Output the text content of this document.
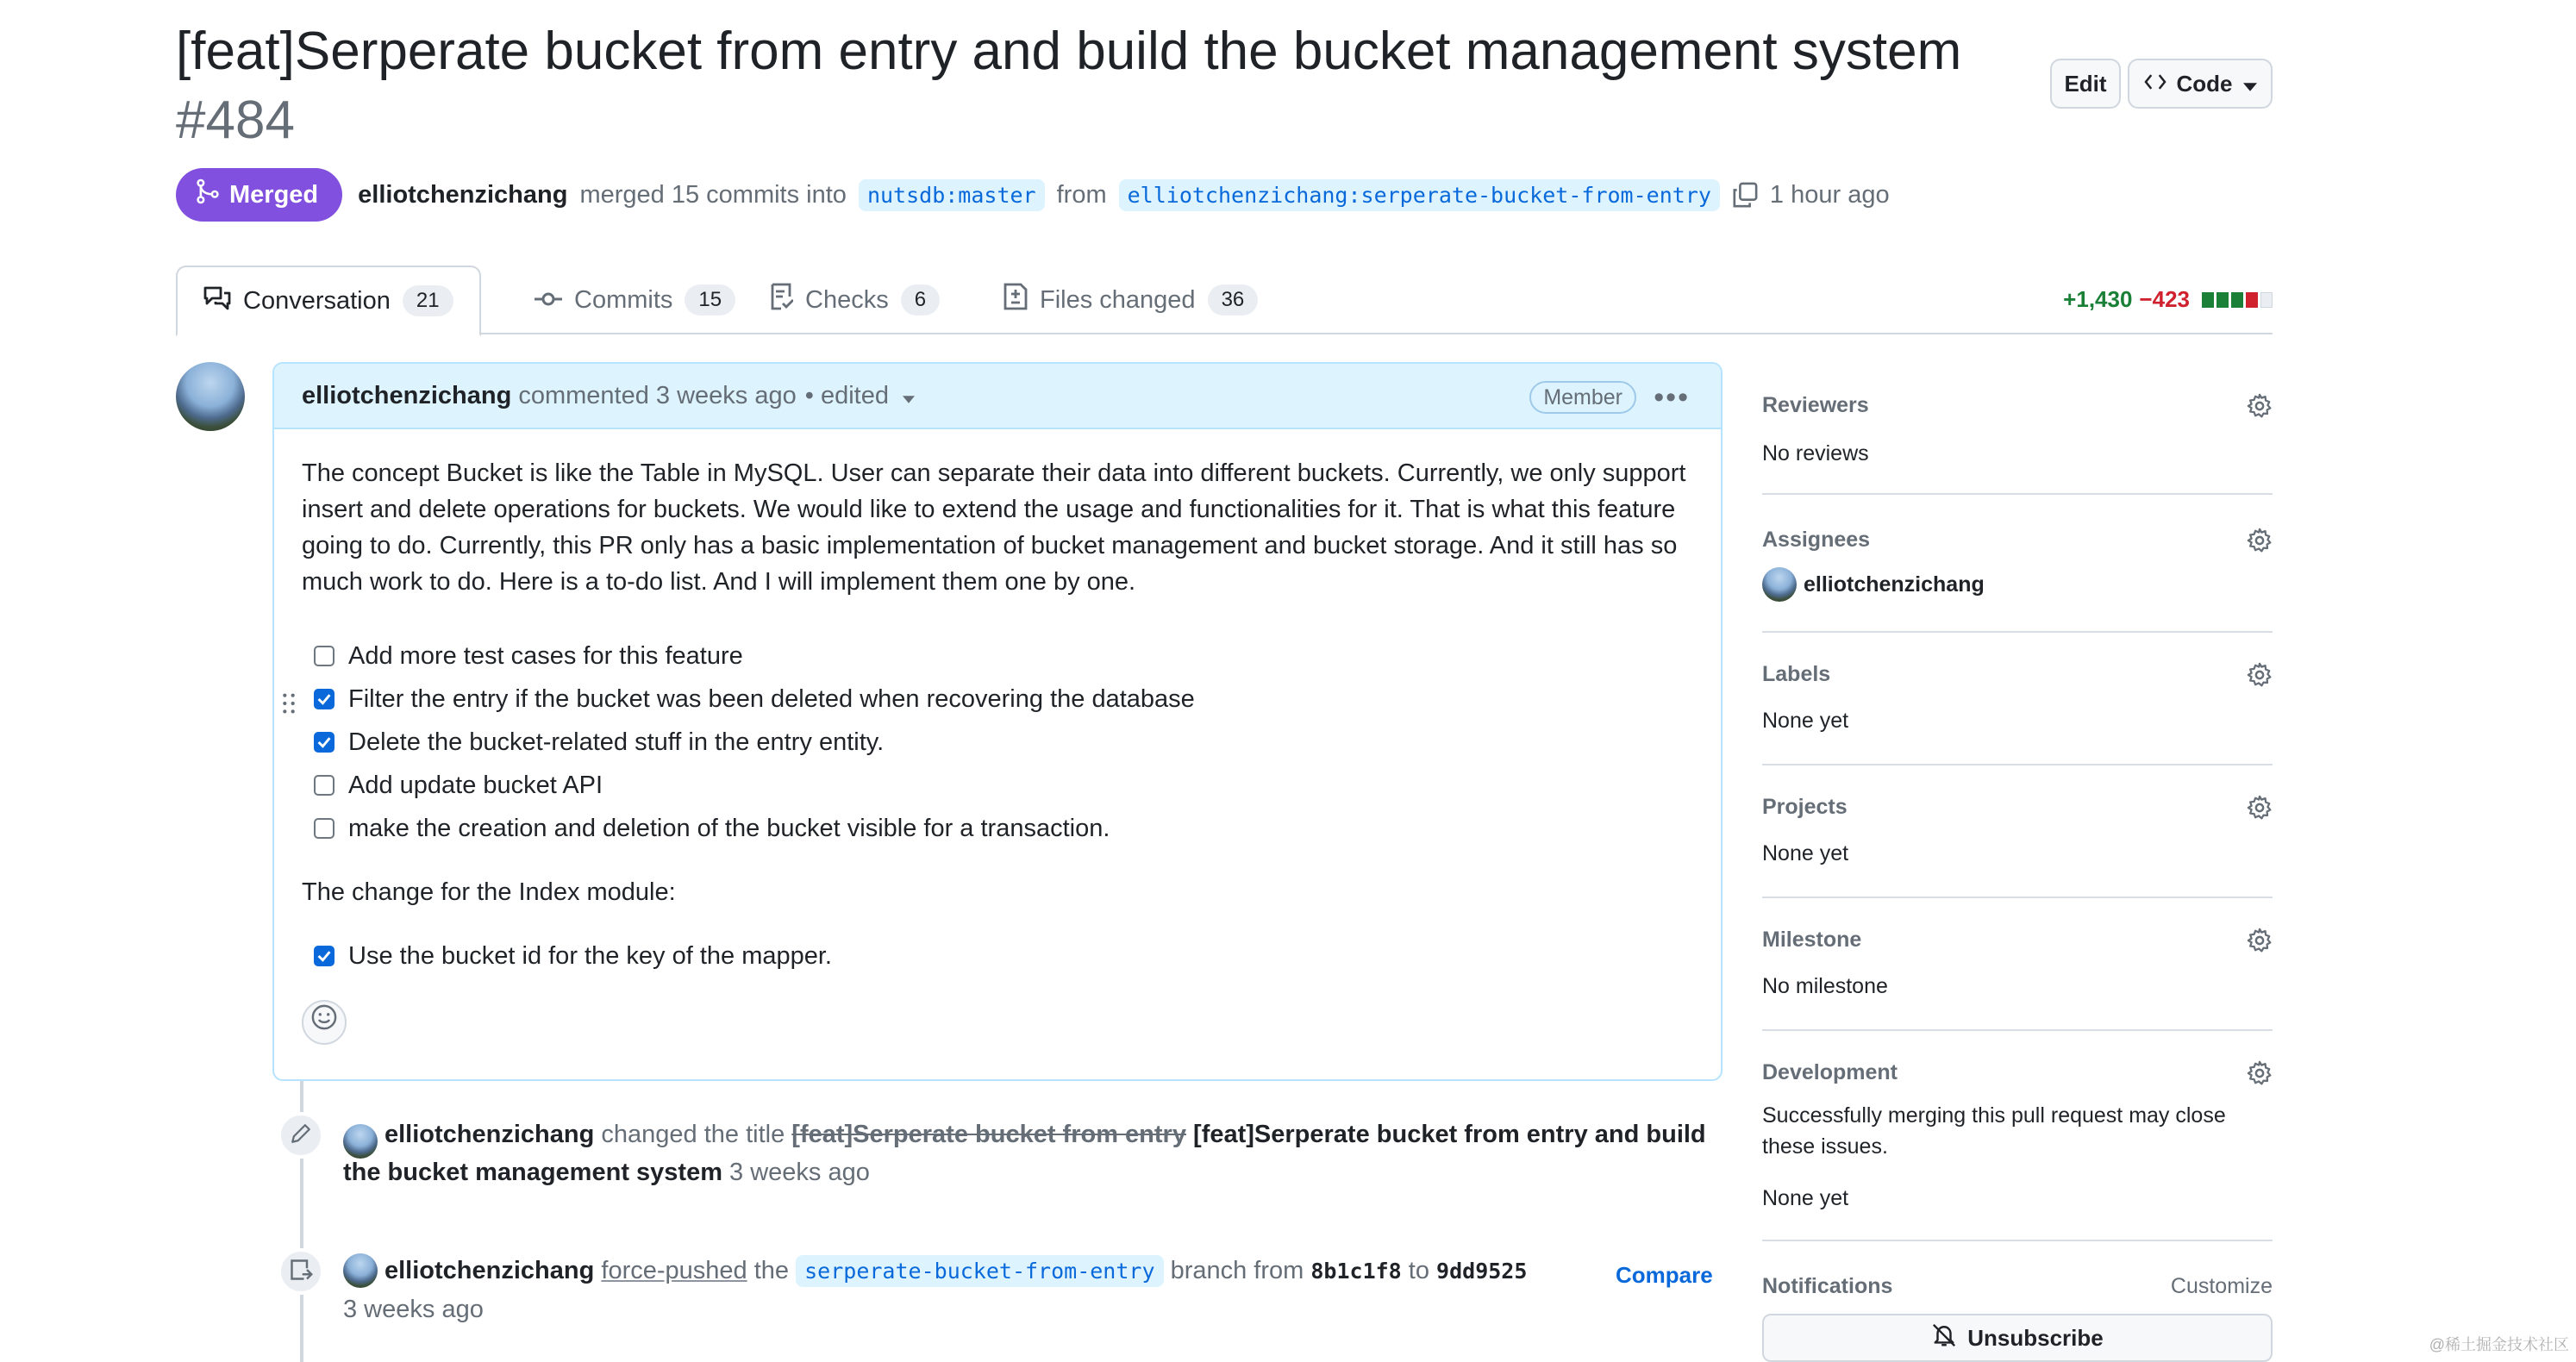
[feat]Serperate bucket from entry and build the bucket management system #484
Edit	Code
Merged elliotchenzichang merged 15 commits into nutsdb:master from elliotchenzichang:serperate-bucket-from-entry	1 hour ago
Conversation	21	Commits	15	Checks	6	Files changed	36	+1,430 −423
elliotchenzichang commented 3 weeks ago • edited	Member	•••

The concept Bucket is like the Table in MySQL. User can separate their data into different buckets. Currently, we only support insert and delete operations for buckets. We would like to extend the usage and functionalities for it. That is what this feature going to do. Currently, this PR only has a basic implementation of bucket management and bucket storage. And it still has so much work to do. Here is a to-do list. And I will implement them one by one.

Add more test cases for this feature
Filter the entry if the bucket was been deleted when recovering the database
Delete the bucket-related stuff in the entry entity.
Add update bucket API
make the creation and deletion of the bucket visible for a transaction.

The change for the Index module:

Use the bucket id for the key of the mapper.
elliotchenzichang changed the title [feat]Serperate bucket from entry [feat]Serperate bucket from entry and build the bucket management system 3 weeks ago
elliotchenzichang force-pushed the serperate-bucket-from-entry branch from 8b1c1f8 to 9dd9525
3 weeks ago
Compare
Reviewers
No reviews
Assignees
elliotchenzichang
Labels
None yet
Projects
None yet
Milestone
No milestone
Development
Successfully merging this pull request may close these issues.
None yet
Notifications	Customize
Unsubscribe	@稀土掘金技术社区
